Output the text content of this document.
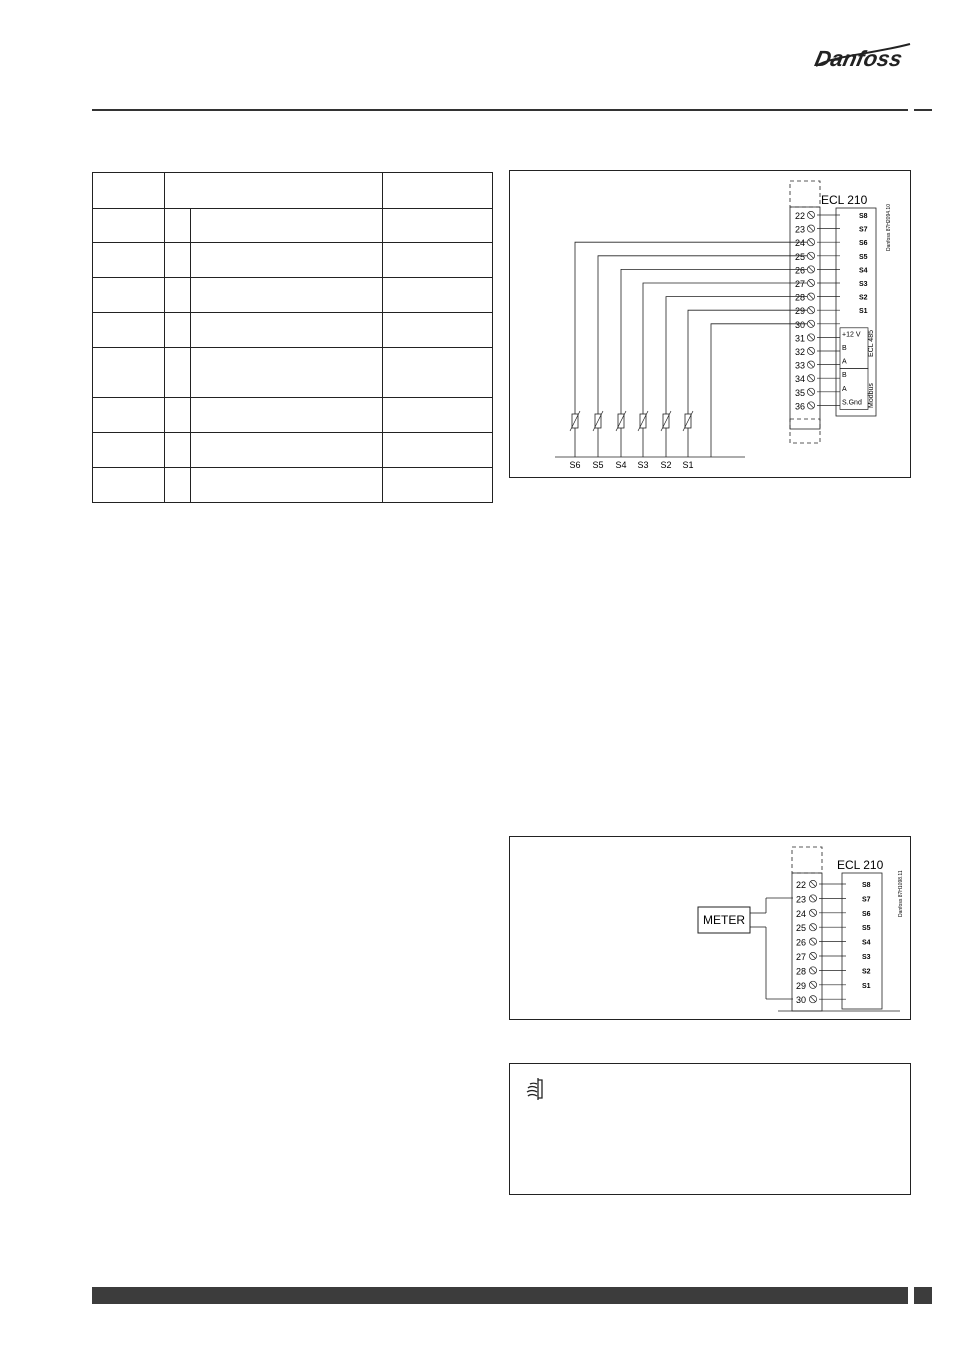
Danfoss

ECL 210
Danfoss 87H2094.10
22
23
24
25
26
27
28
29
30
31
32
33
34
35
36
S8
S7
S6
S5
S4
S3
S2
S1
+12 V
B
A
B
A
S.Gnd
S6 S5 S4 S3 S2 S1
ECL 485
Modbus
ECL 210
Danfoss 87H1098.11
METER
22	S8
23	S7
24	S6
25	S5
26	S4
27	S3
28	S2
29	S1
30
